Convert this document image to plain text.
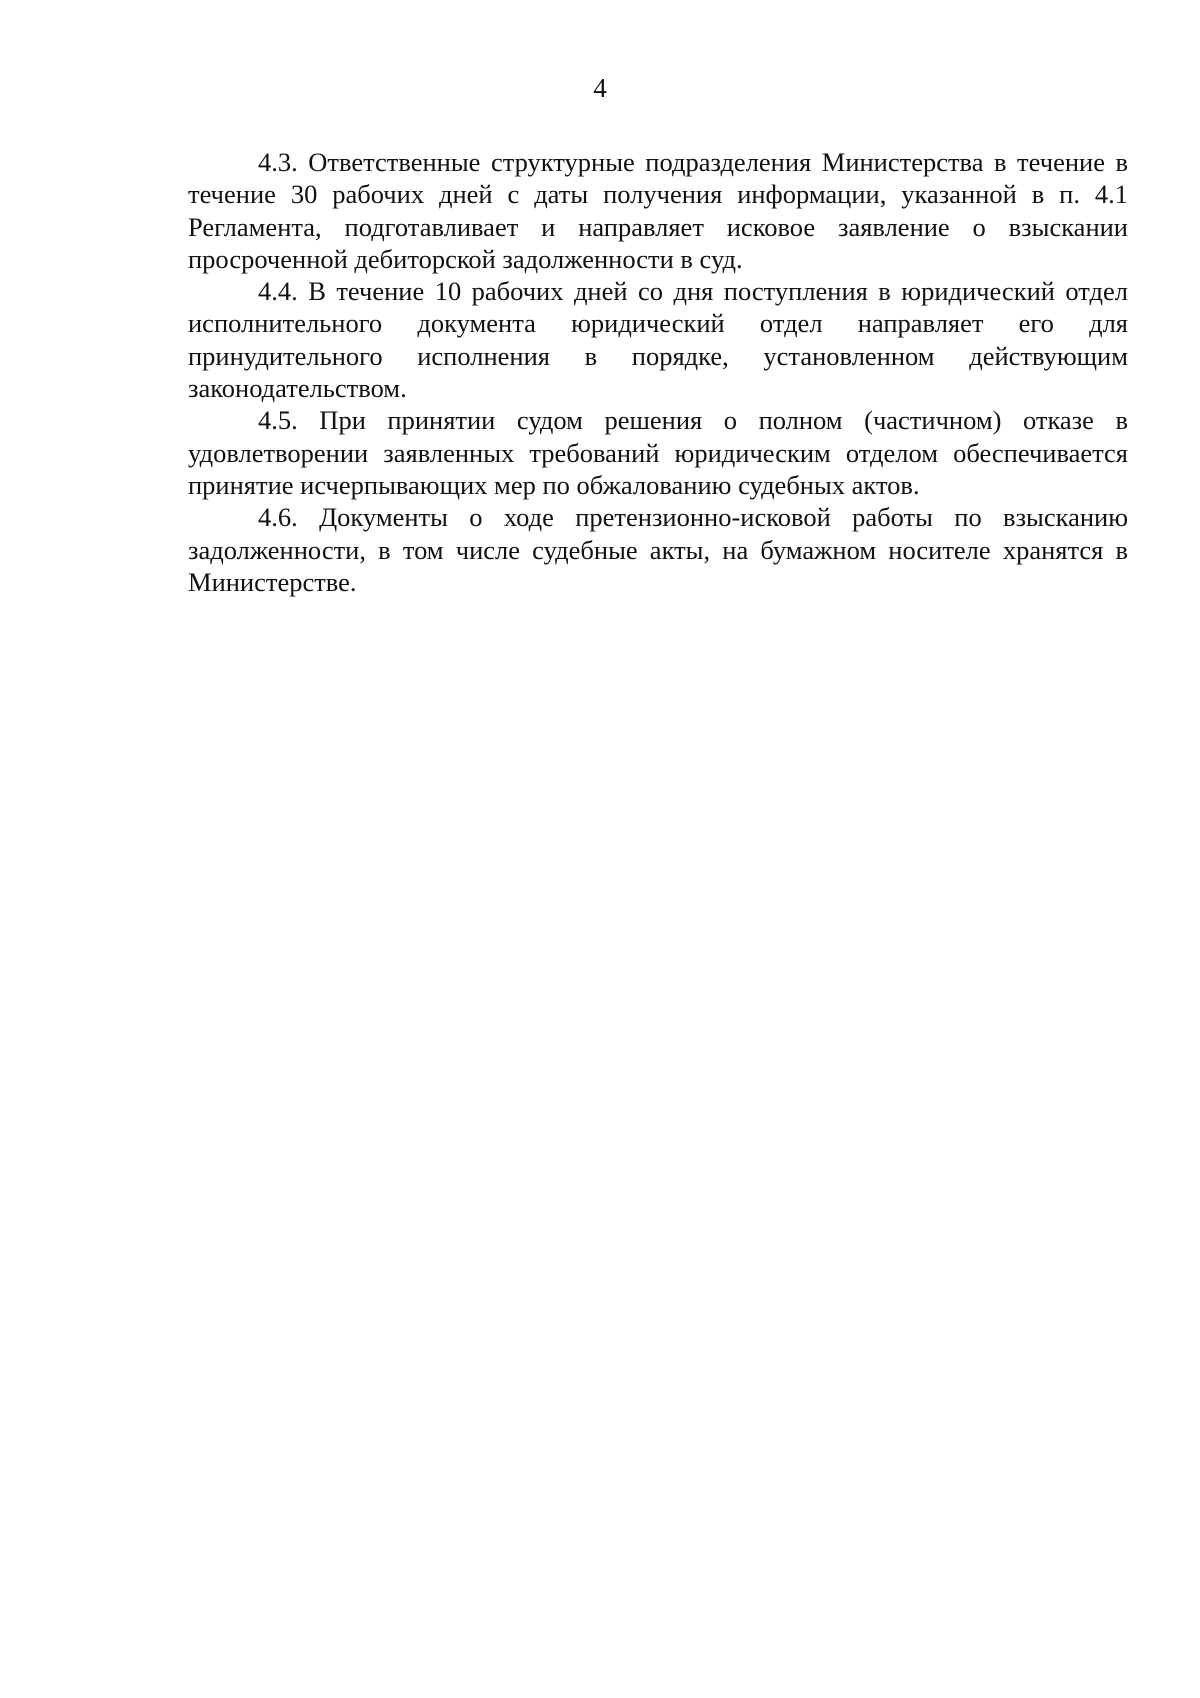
4

4.3. Ответственные структурные подразделения Министерства в течение в течение 30 рабочих дней с даты получения информации, указанной в п. 4.1 Регламента, подготавливает и направляет исковое заявление о взыскании просроченной дебиторской задолженности в суд.

4.4. В течение 10 рабочих дней со дня поступления в юридический отдел исполнительного документа юридический отдел направляет его для принудительного исполнения в порядке, установленном действующим законодательством.

4.5. При принятии судом решения о полном (частичном) отказе в удовлетворении заявленных требований юридическим отделом обеспечивается принятие исчерпывающих мер по обжалованию судебных актов.

4.6. Документы о ходе претензионно-исковой работы по взысканию задолженности, в том числе судебные акты, на бумажном носителе хранятся в Министерстве.
